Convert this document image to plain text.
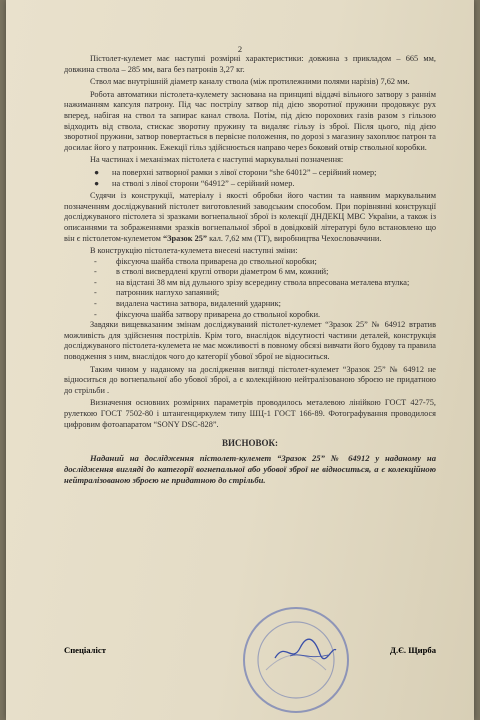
2

Пістолет-кулемет має наступні розмірні характеристики: довжина з прикладом – 665 мм, довжина ствола – 285 мм, вага без патронів 3,27 кг.

Ствол має внутрішній діаметр каналу ствола (між протилежними полями нарізів) 7,62 мм.

Робота автоматики пістолета-кулемету заснована на принципі віддачі вільного затвору з раннім нажиманням капсуля патрону. Під час пострілу затвор під дією зворотної пружини продовжує рух вперед, набігая на ствол та запирає канал ствола. Потім, під дією порохових газів разом з гільзою відходить від ствола, стискає зворотну пружину та видаляє гільзу із зброї. Після цього, під дією зворотної пружини, затвор повертається в первісне положення, по дорозі з магазину захоплює патрон та досилає його у патронник. Ежекції гільз здійснюється направо через боковий отвір ствольної коробки.

На частинах і механізмах пістолета є наступні маркувальні позначення:

●	на поверхні затворної рамки з лівої сторони “she 64012” – серійний номер;
●	на стволі з лівої сторони “64912” – серійний номер.

Судячи із конструкції, матеріалу і якості обробки його частин та наявним маркувальним позначенням досліджуваний пістолет виготовлений заводським способом. При порівнянні конструкції досліджуваного пістолета зі зразками вогнепальної зброї із колекції ДНДЕКЦ МВС України, а також із описаннями та зображеннями зразків вогнепальної зброї в довідковій літературі було встановлено що він є пістолетом-кулеметом “Зразок 25” кал. 7,62 мм (ТТ), виробництва Чехословаччини.

В конструкцію пістолета-кулемета внесені наступні зміни:

-	фіксуюча шайба ствола приварена до ствольної коробки;
-	в стволі висвердлені круглі отвори діаметром 6 мм, кожний;
-	на відстані 38 мм від дульного зрізу всередину ствола впресована металева втулка;
-	патронник наглухо запаяний;
-	видалена частина затвора, видалений ударник;
-	фіксуюча шайба затвору приварена до ствольної коробки.

Завдяки вищевказаним змінам досліджуваний пістолет-кулемет “Зразок 25” № 64912 втратив можливість для здійснення пострілів. Крім того, внаслідок відсутності частини деталей, конструкція досліджуваного пістолета-кулемета не має можливості в повному обсязі вивчати його будову та правила поводження з ним, внаслідок чого до категорії убової зброї не відноситься.

Таким чином у наданому на дослідження вигляді пістолет-кулемет “Зразок 25” № 64912 не відноситься до вогнепальної або убової зброї, а є колекційною нейтралізованою зброєю не придатною до стрільби .

Визначення основних розмірних параметрів проводилось металевою лінійкою ГОСТ 427-75, рулеткою ГОСТ 7502-80 і штангенциркулем типу ШЦ-1 ГОСТ 166-89. Фотографування проводилося цифровим фотоапаратом “SONY DSC-828”.

ВИСНОВОК:

Наданий на дослідження пістолет-кулемет “Зразок 25” № 64912 у наданому на дослідження вигляді до категорії вогнепальної або убової зброї не відноситься, а є колекційною нейтралізованою зброєю не придатною до стрільби.

Спеціаліст	Д.Є. Щирба
